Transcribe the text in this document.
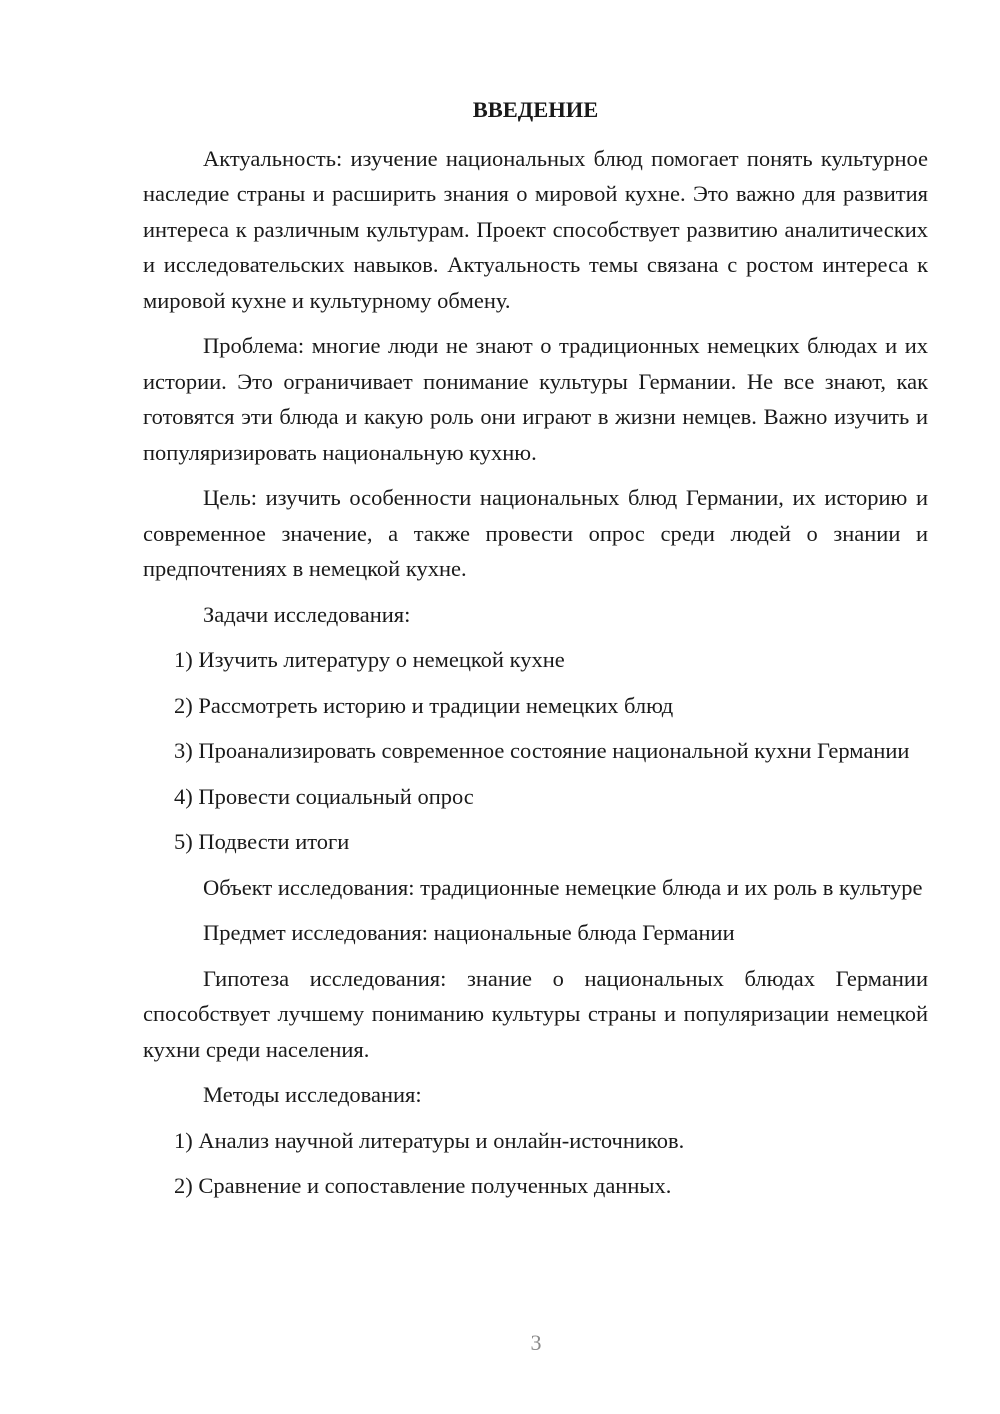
ВВЕДЕНИЕ
Актуальность: изучение национальных блюд помогает понять культурное наследие страны и расширить знания о мировой кухне. Это важно для развития интереса к различным культурам. Проект способствует развитию аналитических и исследовательских навыков. Актуальность темы связана с ростом интереса к мировой кухне и культурному обмену.
Проблема: многие люди не знают о традиционных немецких блюдах и их истории. Это ограничивает понимание культуры Германии. Не все знают, как готовятся эти блюда и какую роль они играют в жизни немцев. Важно изучить и популяризировать национальную кухню.
Цель: изучить особенности национальных блюд Германии, их историю и современное значение, а также провести опрос среди людей о знании и предпочтениях в немецкой кухне.
Задачи исследования:
1) Изучить литературу о немецкой кухне
2) Рассмотреть историю и традиции немецких блюд
3) Проанализировать современное состояние национальной кухни Германии
4) Провести социальный опрос
5) Подвести итоги
Объект исследования: традиционные немецкие блюда и их роль в культуре
Предмет исследования: национальные блюда Германии
Гипотеза исследования: знание о национальных блюдах Германии способствует лучшему пониманию культуры страны и популяризации немецкой кухни среди населения.
Методы исследования:
1) Анализ научной литературы и онлайн-источников.
2) Сравнение и сопоставление полученных данных.
3
